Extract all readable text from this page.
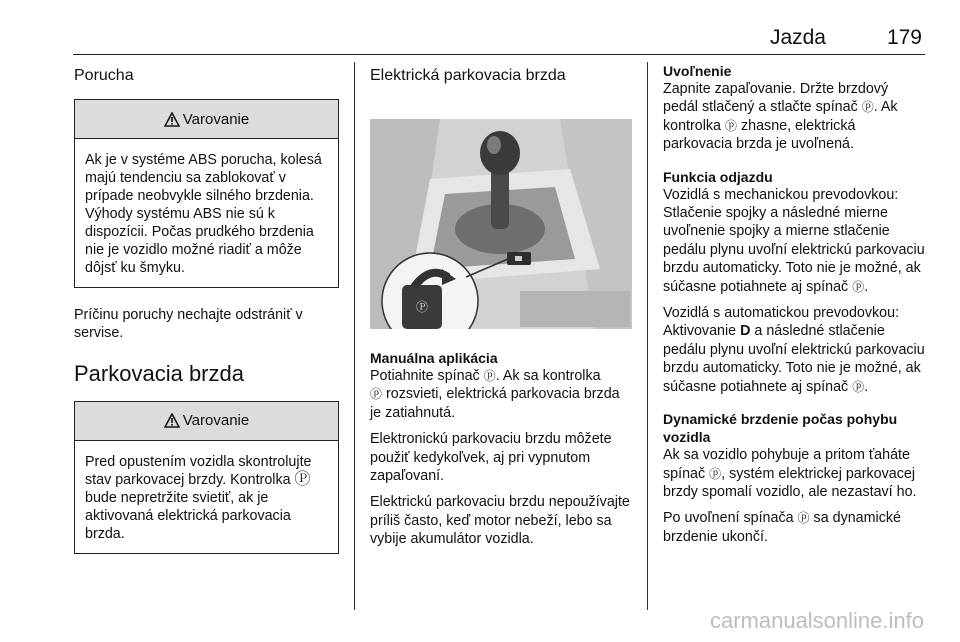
Jazda	179
Porucha
Varovanie
Ak je v systéme ABS porucha, kolesá majú tendenciu sa zablokovať v prípade neobvykle silného brzdenia. Výhody systému ABS nie sú k dispozícii. Počas prudkého brzdenia nie je vozidlo možné riadiť a môže dôjsť ku šmyku.

Príčinu poruchy nechajte odstrániť v servise.

Parkovacia brzda
Varovanie
Pred opustením vozidla skontrolujte stav parkovacej brzdy. Kontrolka Ⓟ bude nepretržite svietiť, ak je aktivovaná elektrická parkovacia brzda.
Elektrická parkovacia brzda
Ⓟ
Manuálna aplikácia

Potiahnite spínač ⓟ. Ak sa kontrolka
ⓟ rozsvieti, elektrická parkovacia brzda je zatiahnutá.

Elektronickú parkovaciu brzdu môžete použiť kedykoľvek, aj pri vypnutom zapaľovaní.

Elektrickú parkovaciu brzdu nepoužívajte príliš často, keď motor nebeží, lebo sa vybije akumulátor vozidla.

Uvoľnenie

Zapnite zapaľovanie. Držte brzdový pedál stlačený a stlačte spínač ⓟ. Ak kontrolka ⓟ zhasne, elektrická parkovacia brzda je uvoľnená.

Funkcia odjazdu

Vozidlá s mechanickou prevodovkou: Stlačenie spojky a následné mierne uvoľnenie spojky a mierne stlačenie pedálu plynu uvoľní elektrickú parkovaciu brzdu automaticky. Toto nie je možné, ak súčasne potiahnete aj spínač ⓟ.

Vozidlá s automatickou prevodovkou: Aktivovanie D a následné stlačenie pedálu plynu uvoľní elektrickú parkovaciu brzdu automaticky. Toto nie je možné, ak súčasne potiahnete aj spínač ⓟ.

Dynamické brzdenie počas pohybu vozidla

Ak sa vozidlo pohybuje a pritom ťaháte spínač ⓟ, systém elektrickej parkovacej brzdy spomalí vozidlo, ale nezastaví ho.

Po uvoľnení spínača ⓟ sa dynamické brzdenie ukončí.

carmanualsonline.info
